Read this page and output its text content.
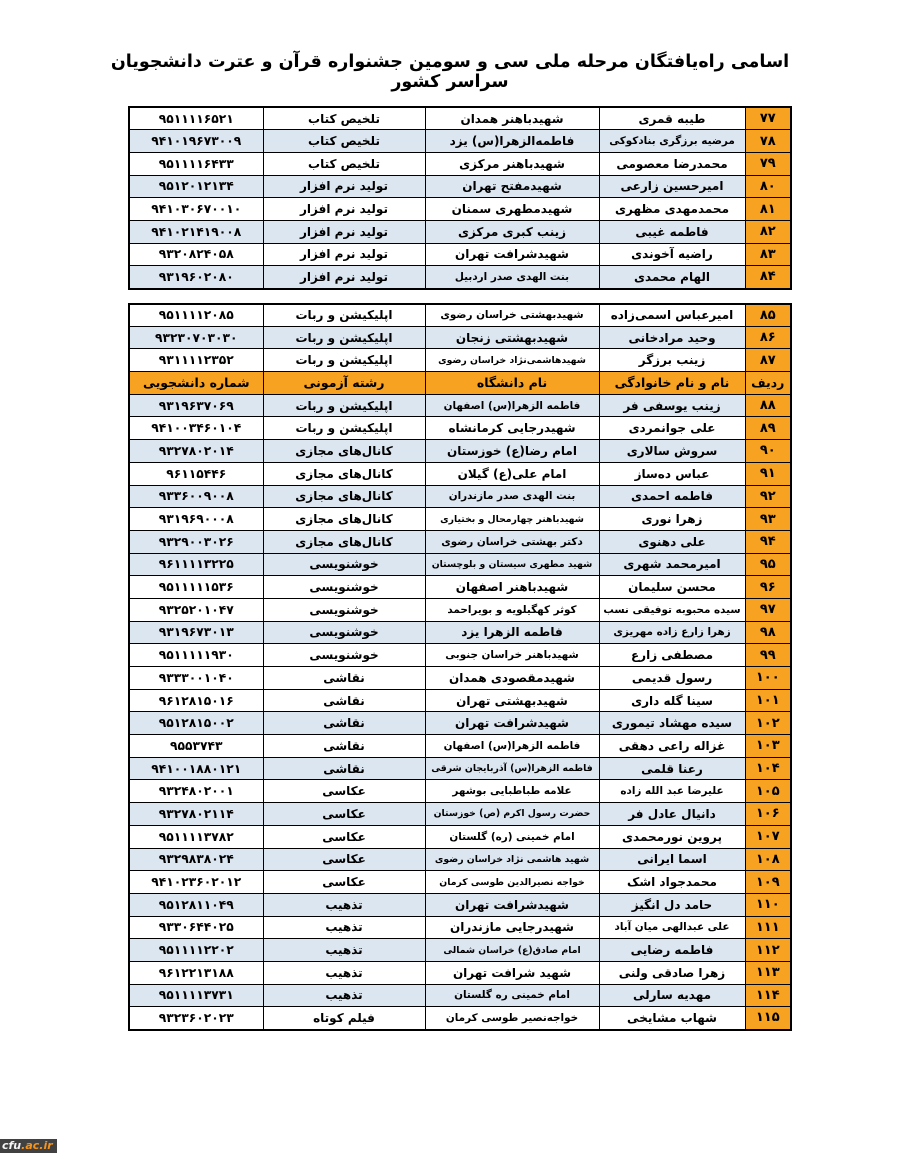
اسامی راه‌یافتگان مرحله ملی سی و سومین جشنواره قرآن و عترت دانشجویان سراسر کشور
۷۷	طیبه قمری	شهیدباهنر همدان	تلخیص کتاب	۹۵۱۱۱۱۶۵۲۱
۷۸	مرضیه برزگری بنادکوکی	فاطمه‌الزهرا(س) یزد	تلخیص کتاب	۹۴۱۰۱۹۶۷۳۰۰۹
۷۹	محمدرضا معصومی	شهیدباهنر مرکزی	تلخیص کتاب	۹۵۱۱۱۱۶۴۳۳
۸۰	امیرحسین زارعی	شهیدمفتح تهران	تولید نرم افزار	۹۵۱۲۰۱۲۱۳۴
۸۱	محمدمهدی مظهری	شهیدمطهری سمنان	تولید نرم افزار	۹۴۱۰۳۰۶۷۰۰۱۰
۸۲	فاطمه غیبی	زینب کبری مرکزی	تولید نرم افزار	۹۴۱۰۲۱۴۱۹۰۰۸
۸۳	راضیه آخوندی	شهیدشرافت تهران	تولید نرم افزار	۹۳۲۰۸۲۴۰۵۸
۸۴	الهام محمدی	بنت الهدی صدر اردبیل	تولید نرم افزار	۹۳۱۹۶۰۲۰۸۰
۸۵	امیرعباس اسمی‌زاده	شهیدبهشتی خراسان رضوی	اپلیکیشن و ربات	۹۵۱۱۱۱۲۰۸۵
۸۶	وحید مرادخانی	شهیدبهشتی زنجان	اپلیکیشن و ربات	۹۳۲۳۰۷۰۳۰۳۰
۸۷	زینب برزگر	شهیدهاشمی‌نژاد خراسان رضوی	اپلیکیشن و ربات	۹۳۱۱۱۱۲۳۵۲
ردیف	نام و نام خانوادگی	نام دانشگاه	رشته آزمونی	شماره دانشجویی
۸۸	زینب یوسفی فر	فاطمه الزهرا(س) اصفهان	اپلیکیشن و ربات	۹۳۱۹۶۳۷۰۶۹
۸۹	علی جوانمردی	شهیدرجایی کرمانشاه	اپلیکیشن و ربات	۹۴۱۰۰۳۴۶۰۱۰۴
۹۰	سروش سالاری	امام رضا(ع) خوزستان	کانال‌های مجازی	۹۳۲۷۸۰۲۰۱۴
۹۱	عباس ده‌ساز	امام علی(ع) گیلان	کانال‌های مجازی	۹۶۱۱۵۴۴۶
۹۲	فاطمه احمدی	بنت الهدی صدر مازندران	کانال‌های مجازی	۹۳۳۶۰۰۹۰۰۸
۹۳	زهرا نوری	شهیدباهنر چهارمحال و بختیاری	کانال‌های مجازی	۹۳۱۹۶۹۰۰۰۸
۹۴	علی دهنوی	دکتر بهشتی خراسان رضوی	کانال‌های مجازی	۹۳۲۹۰۰۳۰۲۶
۹۵	امیرمحمد شهری	شهید مطهری سیستان و بلوچستان	خوشنویسی	۹۶۱۱۱۱۳۲۲۵
۹۶	محسن سلیمان	شهیدباهنر اصفهان	خوشنویسی	۹۵۱۱۱۱۱۵۳۶
۹۷	سیده محبوبه توفیقی نسب	کوثر کهگیلویه و بویراحمد	خوشنویسی	۹۳۲۵۲۰۱۰۴۷
۹۸	زهرا زارع زاده مهریزی	فاطمه الزهرا یزد	خوشنویسی	۹۳۱۹۶۷۳۰۱۳
۹۹	مصطفی زارع	شهیدباهنر خراسان جنوبی	خوشنویسی	۹۵۱۱۱۱۱۹۳۰
۱۰۰	رسول قدیمی	شهیدمقصودی همدان	نقاشی	۹۳۳۳۰۰۱۰۴۰
۱۰۱	سینا گله داری	شهیدبهشتی تهران	نقاشی	۹۶۱۲۸۱۵۰۱۶
۱۰۲	سیده مهشاد تیموری	شهیدشرافت تهران	نقاشی	۹۵۱۲۸۱۵۰۰۲
۱۰۳	غزاله راعی دهقی	فاطمه الزهرا(س) اصفهان	نقاشی	۹۵۵۳۷۴۳
۱۰۴	رعنا قلمی	فاطمه الزهرا(س) آذربایجان شرقی	نقاشی	۹۴۱۰۰۱۸۸۰۱۲۱
۱۰۵	علیرضا عبد الله زاده	علامه طباطبایی بوشهر	عکاسی	۹۳۲۴۸۰۲۰۰۱
۱۰۶	دانیال عادل فر	حضرت رسول اکرم (ص) خوزستان	عکاسی	۹۳۲۷۸۰۲۱۱۴
۱۰۷	پروین نورمحمدی	امام خمینی (ره) گلستان	عکاسی	۹۵۱۱۱۱۳۷۸۲
۱۰۸	اسما ایرانی	شهید هاشمی نژاد خراسان رضوی	عکاسی	۹۳۲۹۸۳۸۰۲۴
۱۰۹	محمدجواد اشک	خواجه نصیرالدین طوسی کرمان	عکاسی	۹۴۱۰۲۳۶۰۲۰۱۲
۱۱۰	حامد دل انگیز	شهیدشرافت تهران	تذهیب	۹۵۱۲۸۱۱۰۴۹
۱۱۱	علی عبدالهی میان آباد	شهیدرجایی مازندران	تذهیب	۹۳۳۰۶۴۴۰۲۵
۱۱۲	فاطمه رضایی	امام صادق(ع) خراسان شمالی	تذهیب	۹۵۱۱۱۱۲۲۰۲
۱۱۳	زهرا صادقی ولنی	شهید شرافت تهران	تذهیب	۹۶۱۲۲۱۳۱۸۸
۱۱۴	مهدیه سارلی	امام خمینی ره گلستان	تذهیب	۹۵۱۱۱۱۳۷۳۱
۱۱۵	شهاب مشایخی	خواجه‌نصیر طوسی کرمان	فیلم کوتاه	۹۳۲۳۶۰۲۰۲۳
cfu.ac.ir
